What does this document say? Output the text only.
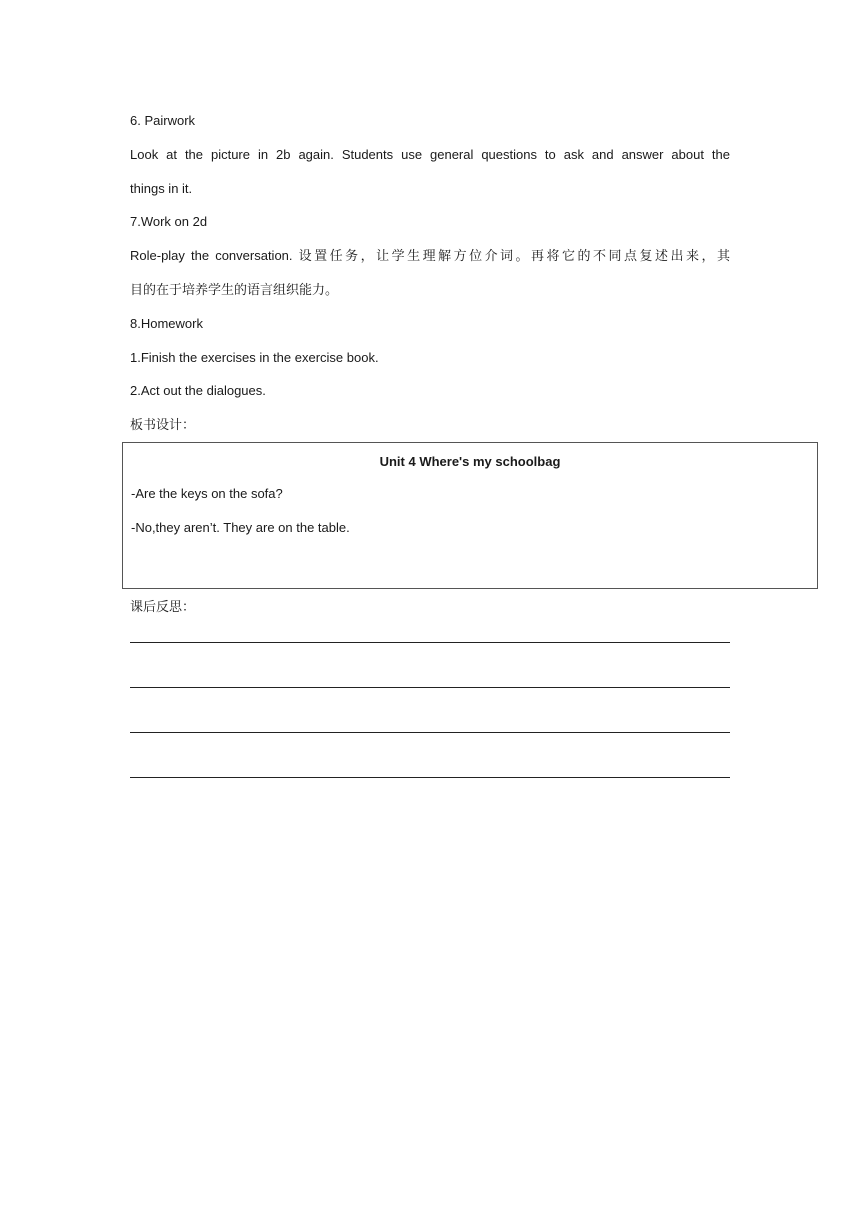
6. Pairwork
Look at the picture in 2b again. Students use general questions to ask and answer about the
things in it.
7.Work on 2d
Role-play the conversation. 设置任务，让学生理解方位介词。再将它的不同点复述出来，其
目的在于培养学生的语言组织能力。
8.Homework
1.Finish the exercises in the exercise book.
2.Act out the dialogues.
板书设计：
Unit 4 Where's my schoolbag
-Are the keys on the sofa?
-No,they aren’t. They are on the table.
课后反思：
